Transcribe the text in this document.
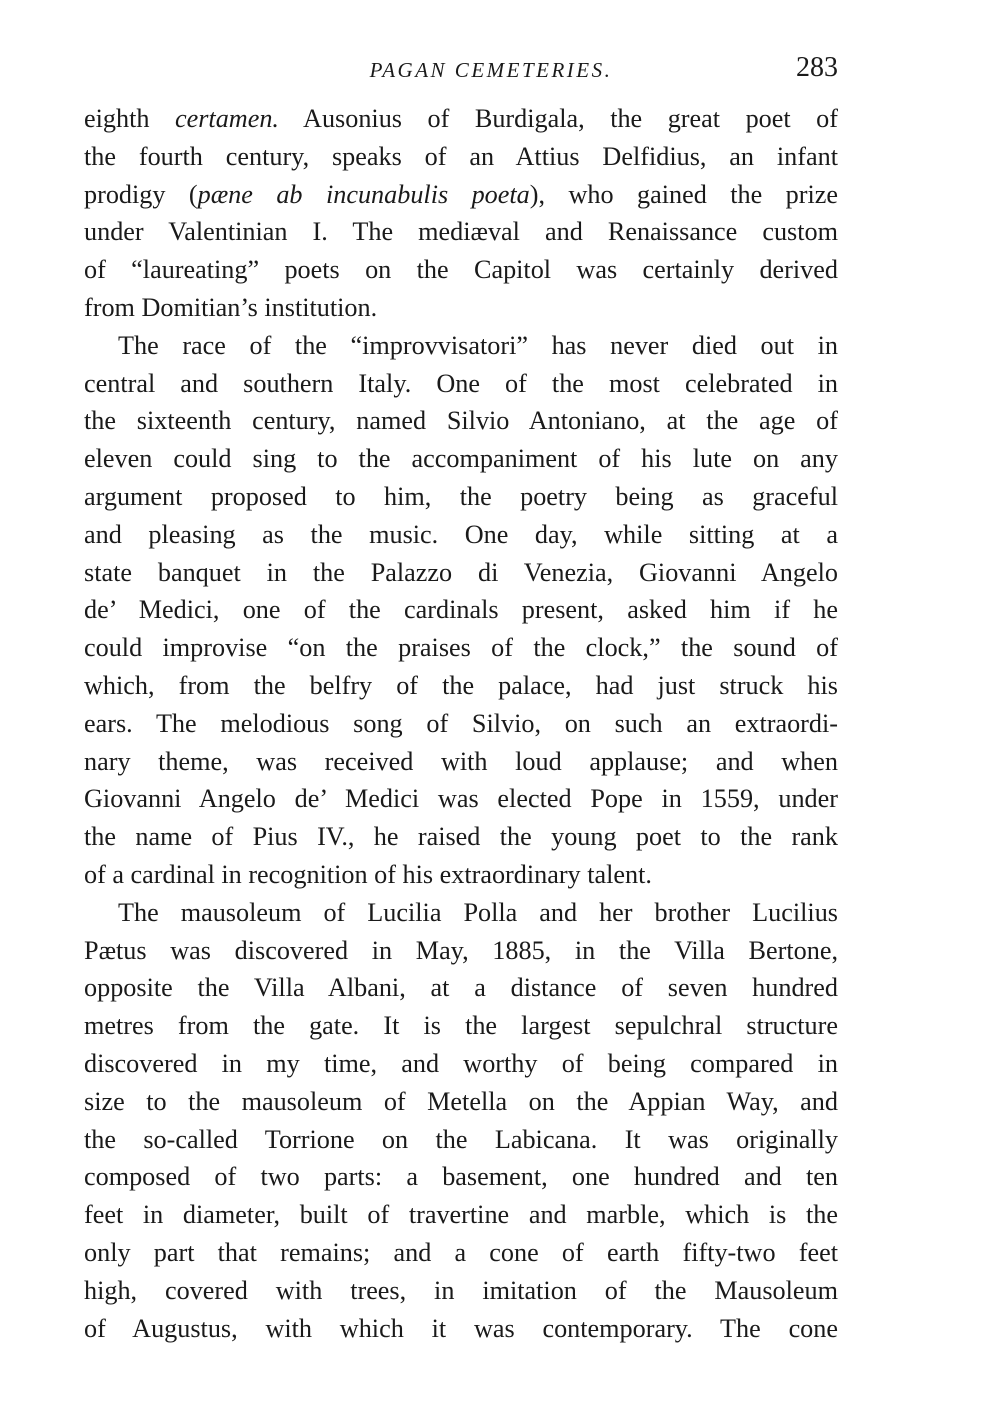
PAGAN CEMETERIES.	283

eighth certamen. Ausonius of Burdigala, the great poet of
the fourth century, speaks of an Attius Delfidius, an infant
prodigy (pæne ab incunabulis poeta), who gained the prize
under Valentinian I. The mediæval and Renaissance custom
of “laureating” poets on the Capitol was certainly derived
from Domitian’s institution.

The race of the “improvvisatori” has never died out in
central and southern Italy. One of the most celebrated in
the sixteenth century, named Silvio Antoniano, at the age of
eleven could sing to the accompaniment of his lute on any
argument proposed to him, the poetry being as graceful
and pleasing as the music. One day, while sitting at a
state banquet in the Palazzo di Venezia, Giovanni Angelo
de’ Medici, one of the cardinals present, asked him if he
could improvise “on the praises of the clock,” the sound of
which, from the belfry of the palace, had just struck his
ears. The melodious song of Silvio, on such an extraordi-
nary theme, was received with loud applause; and when
Giovanni Angelo de’ Medici was elected Pope in 1559, under
the name of Pius IV., he raised the young poet to the rank
of a cardinal in recognition of his extraordinary talent.

The mausoleum of Lucilia Polla and her brother Lucilius
Pætus was discovered in May, 1885, in the Villa Bertone,
opposite the Villa Albani, at a distance of seven hundred
metres from the gate. It is the largest sepulchral structure
discovered in my time, and worthy of being compared in
size to the mausoleum of Metella on the Appian Way, and
the so-called Torrione on the Labicana. It was originally
composed of two parts: a basement, one hundred and ten
feet in diameter, built of travertine and marble, which is the
only part that remains; and a cone of earth fifty-two feet
high, covered with trees, in imitation of the Mausoleum
of Augustus, with which it was contemporary. The cone
